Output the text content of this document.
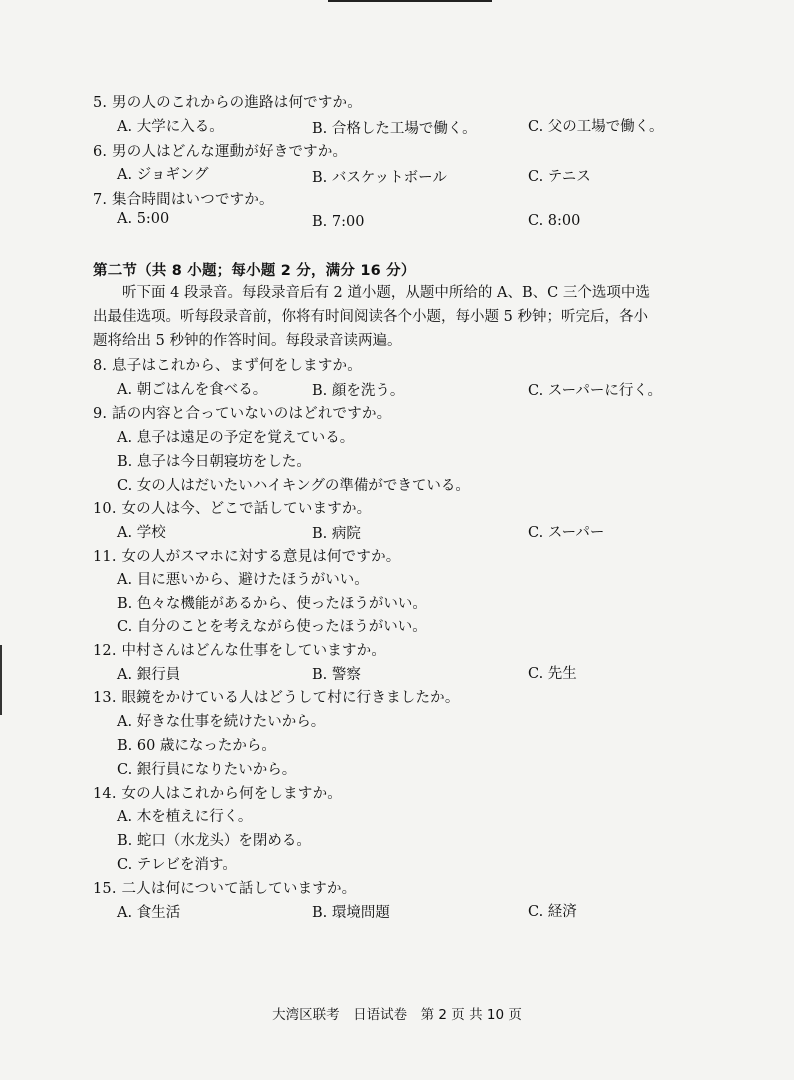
5. 男の人のこれからの進路は何ですか。
A. 大学に入る。	B. 合格した工場で働く。	C. 父の工場で働く。
6. 男の人はどんな運動が好きですか。
A. ジョギング	B. バスケットボール	C. テニス
7. 集合時間はいつですか。
A. 5:00	B. 7:00	C. 8:00
第二节（共 8 小题；每小题 2 分，满分 16 分）
听下面 4 段录音。每段录音后有 2 道小题，从题中所给的 A、B、C 三个选项中选
出最佳选项。听每段录音前，你将有时间阅读各个小题，每小题 5 秒钟；听完后，各小
题将给出 5 秒钟的作答时间。每段录音读两遍。
8. 息子はこれから、まず何をしますか。
A. 朝ごはんを食べる。	B. 顔を洗う。	C. スーパーに行く。
9. 話の内容と合っていないのはどれですか。
A. 息子は遠足の予定を覚えている。
B. 息子は今日朝寝坊をした。
C. 女の人はだいたいハイキングの準備ができている。
10. 女の人は今、どこで話していますか。
A. 学校	B. 病院	C. スーパー
11. 女の人がスマホに対する意見は何ですか。
A. 目に悪いから、避けたほうがいい。
B. 色々な機能があるから、使ったほうがいい。
C. 自分のことを考えながら使ったほうがいい。
12. 中村さんはどんな仕事をしていますか。
A. 銀行員	B. 警察	C. 先生
13. 眼鏡をかけている人はどうして村に行きましたか。
A. 好きな仕事を続けたいから。
B. 60 歳になったから。
C. 銀行員になりたいから。
14. 女の人はこれから何をしますか。
A. 木を植えに行く。
B. 蛇口（水龙头）を閉める。
C. テレビを消す。
15. 二人は何について話していますか。
A. 食生活	B. 環境問題	C. 経済
大湾区联考　日语试卷　第 2 页 共 10 页
